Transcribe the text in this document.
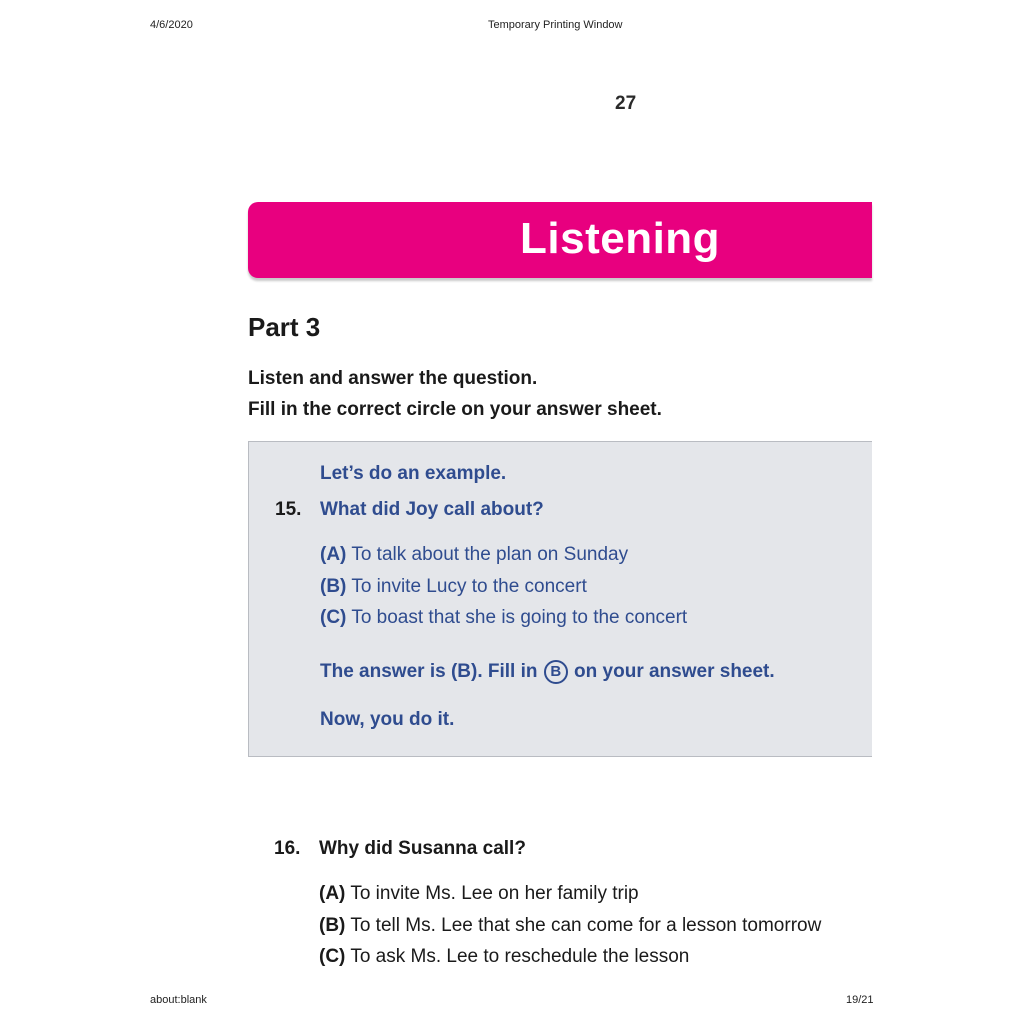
4/6/2020	Temporary Printing Window
27
Listening
Part 3
Listen and answer the question.
Fill in the correct circle on your answer sheet.
Let’s do an example.
15. What did Joy call about?
(A) To talk about the plan on Sunday
(B) To invite Lucy to the concert
(C) To boast that she is going to the concert
The answer is (B). Fill in B on your answer sheet.
Now, you do it.
16. Why did Susanna call?
(A) To invite Ms. Lee on her family trip
(B) To tell Ms. Lee that she can come for a lesson tomorrow
(C) To ask Ms. Lee to reschedule the lesson
about:blank	19/21
